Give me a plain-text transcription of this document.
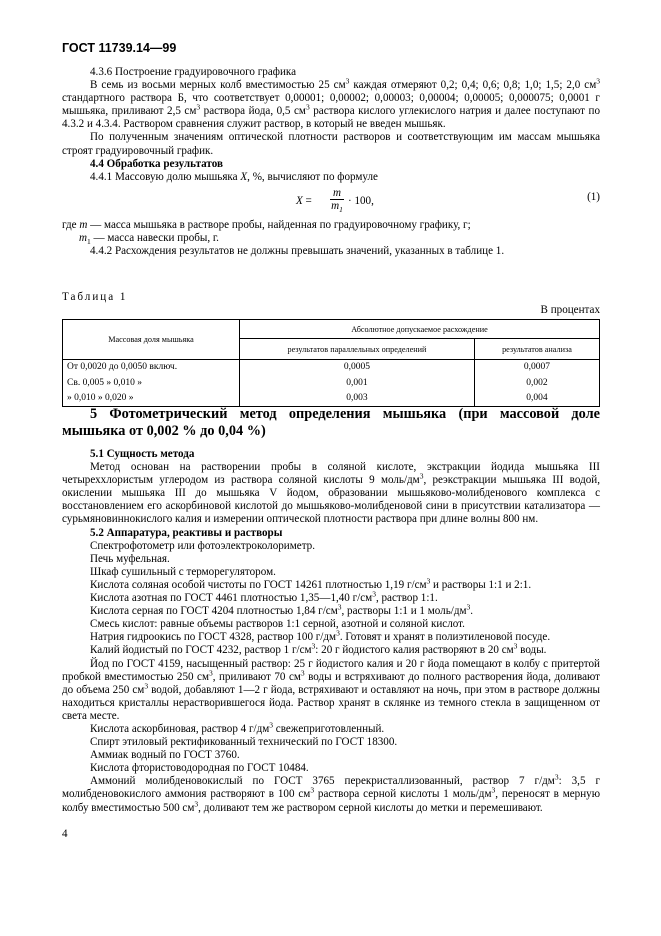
ГОСТ 11739.14—99

4.3.6 Построение градуировочного графика

В семь из восьми мерных колб вместимостью 25 $см^3$ каждая отмеряют 0,2; 0,4; 0,6; 0,8; 1,0; 1,5; 2,0 $см^3$ стандартного раствора Б, что соответствует 0,00001; 0,00002; 0,00003; 0,00004; 0,00005; 0,000075; 0,0001 г мышьяка, приливают 2,5 $см^3$ раствора йода, 0,5 $см^3$ раствора кислого углекислого натрия и далее поступают по 4.3.2 и 4.3.4. Раствором сравнения служит раствор, в который не введен мышьяк.

По полученным значениям оптической плотности растворов и соответствующим им массам мышьяка строят градуировочный график.

4.4 Обработка результатов

4.4.1 Массовую долю мышьяка X, %, вычисляют по формуле

$X = \frac{m}{m_1} \cdot 100$,	(1)

где m — масса мышьяка в растворе пробы, найденная по градуировочному графику, г;

$m_1$ — масса навески пробы, г.

4.4.2 Расхождения результатов не должны превышать значений, указанных в таблице 1.

Таблица 1
В процентах
Массовая доля мышьяка	Абсолютное допускаемое расхождение	
	результатов параллельных определений	результатов анализа
От 0,0020 до 0,0050 включ.	0,0005	0,0007
Св. 0,005 » 0,010 »	0,001	0,002
» 0,010 » 0,020 »	0,003	0,004

5 Фотометрический метод определения мышьяка (при массовой доле мышьяка от 0,002 % до 0,04 %)

5.1 Сущность метода

Метод основан на растворении пробы в соляной кислоте, экстракции йодида мышьяка III четыреххлористым углеродом из раствора соляной кислоты 9 моль/$дм^3$, реэкстракции мышьяка III водой, окислении мышьяка III до мышьяка V йодом, образовании мышьяково-молибденового комплекса с восстановлением его аскорбиновой кислотой до мышьяково-молибденовой сини в присутствии катализатора — сурьмяновиннокислого калия и измерении оптической плотности раствора при длине волны 800 нм.

5.2 Аппаратура, реактивы и растворы

Спектрофотометр или фотоэлектроколориметр.

Печь муфельная.

Шкаф сушильный с терморегулятором.

Кислота соляная особой чистоты по ГОСТ 14261 плотностью 1,19 $г/см^3$ и растворы 1:1 и 2:1.

Кислота азотная по ГОСТ 4461 плотностью 1,35—1,40 $г/см^3$, раствор 1:1.

Кислота серная по ГОСТ 4204 плотностью 1,84 $г/см^3$, растворы 1:1 и 1 моль/$дм^3$.

Смесь кислот: равные объемы растворов 1:1 серной, азотной и соляной кислот.

Натрия гидроокись по ГОСТ 4328, раствор 100 $г/дм^3$. Готовят и хранят в полиэтиленовой посуде.

Калий йодистый по ГОСТ 4232, раствор 1 $г/см^3$: 20 г йодистого калия растворяют в 20 $см^3$ воды.

Йод по ГОСТ 4159, насыщенный раствор: 25 г йодистого калия и 20 г йода помещают в колбу с притертой пробкой вместимостью 250 $см^3$, приливают 70 $см^3$ воды и встряхивают до полного растворения йода, доливают до объема 250 $см^3$ водой, добавляют 1—2 г йода, встряхивают и оставляют на ночь, при этом в растворе должны находиться кристаллы нерастворившегося йода. Раствор хранят в склянке из темного стекла в защищенном от света месте.

Кислота аскорбиновая, раствор 4 $г/дм^3$ свежеприготовленный.

Спирт этиловый ректификованный технический по ГОСТ 18300.

Аммиак водный по ГОСТ 3760.

Кислота фтористоводородная по ГОСТ 10484.

Аммоний молибденовокислый по ГОСТ 3765 перекристаллизованный, раствор 7 $г/дм^3$: 3,5 г молибденовокислого аммония растворяют в 100 $см^3$ раствора серной кислоты 1 моль/$дм^3$, переносят в мерную колбу вместимостью 500 $см^3$, доливают тем же раствором серной кислоты до метки и перемешивают.

4
